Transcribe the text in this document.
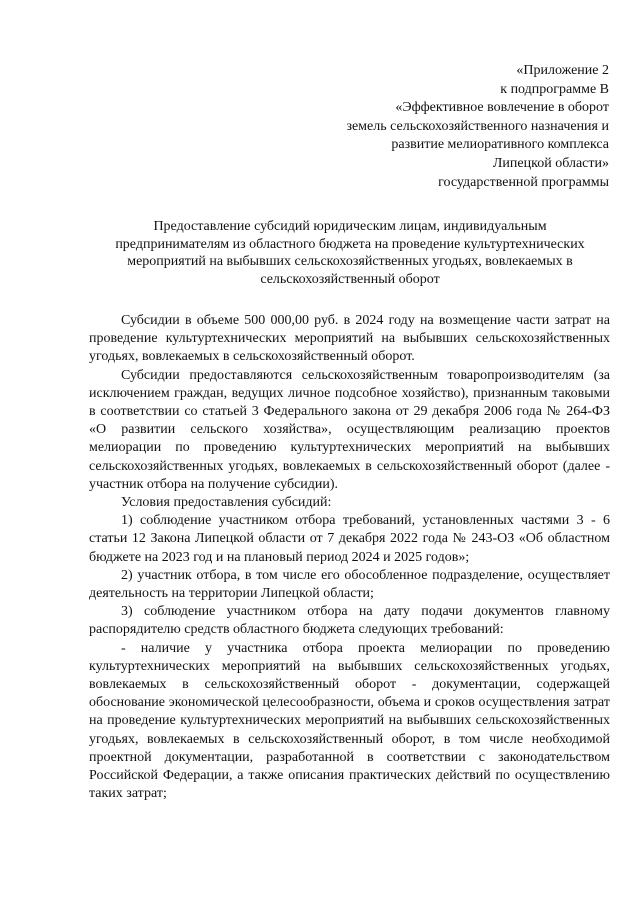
«Приложение 2
к подпрограмме В
«Эффективное вовлечение в оборот
земель сельскохозяйственного назначения и
развитие мелиоративного комплекса
Липецкой области»
государственной программы
Предоставление субсидий юридическим лицам, индивидуальным
предпринимателям из областного бюджета на проведение культуртехнических
мероприятий на выбывших сельскохозяйственных угодьях, вовлекаемых в
сельскохозяйственный оборот

Субсидии в объеме 500 000,00 руб. в 2024 году на возмещение части затрат на проведение культуртехнических мероприятий на выбывших сельскохозяйственных угодьях, вовлекаемых в сельскохозяйственный оборот.

Субсидии предоставляются сельскохозяйственным товаропроизводителям (за исключением граждан, ведущих личное подсобное хозяйство), признанным таковыми в соответствии со статьей 3 Федерального закона от 29 декабря 2006 года № 264-ФЗ «О развитии сельского хозяйства», осуществляющим реализацию проектов мелиорации по проведению культуртехнических мероприятий на выбывших сельскохозяйственных угодьях, вовлекаемых в сельскохозяйственный оборот (далее - участник отбора на получение субсидии).

Условия предоставления субсидий:

1) соблюдение участником отбора требований, установленных частями 3 - 6 статьи 12 Закона Липецкой области от 7 декабря 2022 года № 243-ОЗ «Об областном бюджете на 2023 год и на плановый период 2024 и 2025 годов»;

2) участник отбора, в том числе его обособленное подразделение, осуществляет деятельность на территории Липецкой области;

3) соблюдение участником отбора на дату подачи документов главному распорядителю средств областного бюджета следующих требований:

- наличие у участника отбора проекта мелиорации по проведению культуртехнических мероприятий на выбывших сельскохозяйственных угодьях, вовлекаемых в сельскохозяйственный оборот - документации, содержащей обоснование экономической целесообразности, объема и сроков осуществления затрат на проведение культуртехнических мероприятий на выбывших сельскохозяйственных угодьях, вовлекаемых в сельскохозяйственный оборот, в том числе необходимой проектной документации, разработанной в соответствии с законодательством Российской Федерации, а также описания практических действий по осуществлению таких затрат;
